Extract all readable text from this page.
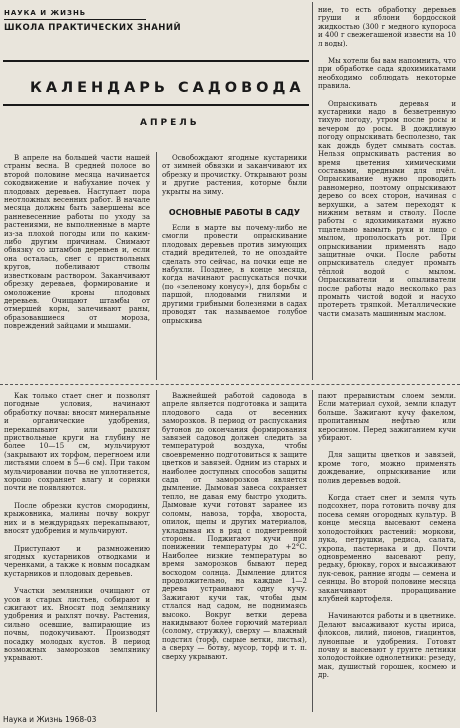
НАУКА И ЖИЗНЬ
ШКОЛА ПРАКТИЧЕСКИХ ЗНАНИЙ
КАЛЕНДАРЬ САДОВОДА
АПРЕЛЬ

В апреле на большей части нашей страны весна. В средней полосе во второй половине месяца начинается сокодвижение и набухание почек у плодовых деревьев. Наступает пора неотложных весенних работ. В начале месяца должны быть завершены все ранневесенние работы по уходу за растениями, не выполненные в марте из-за плохой погоды или по каким-либо другим причинам. Снимают обвязку со штамбов деревьев и, если она осталась, снег с приствольных кругов, побеливают стволы известковым раствором. Заканчивают обрезку деревьев, формирование и омоложение кроны плодовых деревьев. Очищают штамбы от отмершей коры, залечивают раны, образовавшиеся от мороза, повреждений зайцами и мышами.

Освобождают ягодные кустарники от зимней обвязки и заканчивают их обрезку и прочистку. Открывают розы и другие растения, которые были укрыты на зиму.

ОСНОВНЫЕ РАБОТЫ В САДУ

Если в марте вы почему-либо не смогли провести опрыскивание плодовых деревьев против зимующих стадий вредителей, то не опоздайте сделать это сейчас, на почки еще не набухли. Позднее, в конце месяца, когда начинают распускаться почки (по «зеленому конусу»), для борьбы с паршой, плодовыми гнилями и другими грибными болезнями в садах проводят так называемое голубое опрыскива

ние, то есть обработку деревьев груши и яблони бордосской жидкостью (300 г медного купороса и 400 г свежегашеной извести на 10 л воды).

Мы хотели бы вам напомнить, что при обработке сада ядохимикатами необходимо соблюдать некоторые правила.

Опрыскивать деревья и кустарники надо в безветренную тихую погоду, утром после росы и вечером до росы. В дождливую погоду опрыскивать бесполезно, так как дождь будет смывать состав. Нельзя опрыскивать растения во время цветения химическими составами, вредными для пчёл. Опрыскивание нужно проводить равномерно, поэтому опрыскивают дерево со всех сторон, начиная с верхушки, а затем переходят к нижним ветвям и стволу. После работы с ядохимикатами нужно тщательно вымыть руки и лицо с мылом, прополоскать рот. При опрыскивании применять надо защитные очки. После работы опрыскиватель следует промыть тёплой водой с мылом. Опрыскиватели и опыливатели после работы надо несколько раз промыть чистой водой и насухо протереть тряпкой. Металлические части смазать машинным маслом.

Как только стает снег и позволят погодные условия, начинают обработку почвы: вносят минеральные и органические удобрения, перекапывают или рыхлят приствольные круги на глубину не более 10—15 см, мульчируют (закрывают их торфом, перегноем или листьями слоем в 5—6 см). При таком мульчировании почва не уплотняется, хорошо сохраняет влагу и сорняки почти не появляются.

После обрезки кустов смородины, крыжовника, малины почву вокруг них и в междурядьях перекапывают, вносят удобрения и мульчируют.

Приступают и размножению ягодных кустарников отводками и черенками, а также к новым посадкам кустарников и плодовых деревьев.

Участки земляники очищают от усов и старых листьев, собирают и сжигают их. Вносят под землянику удобрения и рыхлят почву. Растения, сильно осевшие, выпирающие из почвы, подокучивают. Производят посадку молодых кустов. В период возможных заморозков землянику укрывают.

Важнейшей работой садовода в апреле является подготовка и защита плодового сада от весенних заморозков. В период от распускания бутонов до окончания формирования завязей садовод должен следить за температурой воздуха, чтобы своевременно подготовиться к защите цветков и завязей. Одним из старых и наиболее доступных способов защиты сада от заморозков является дымление. Дымовая завеса сохраняет тепло, не давая ему быстро уходить. Дымовые кучи готовят заранее из соломы, навоза, торфа, хвороста, опилок, щепы и других материалов, укладывая их в ряд с подветренной стороны. Поджигают кучи при понижении температуры до +2°С. Наиболее низкие температуры во время заморозков бывают перед восходом солнца. Дымление длится продолжительно, на каждые 1—2 дерева устраивают одну кучу. Зажигают кучи так, чтобы дым стлался над садом, не поднимаясь высоко. Вокруг ветки дерева накидывают более горючий материал (солому, стружку), сверху — влажный подстил (торф, сырые ветки, листья), а сверху — ботву, мусор, торф и т. п. сверху укрывают.

пают прерывистым слоем земли. Если материал сухой, земли кладут больше. Зажигают кучу факелом, пропитанным нефтью или керосином. Перед зажиганием кучи убирают.

Для защиты цветков и завязей, кроме того, можно применять дождевание, опрыскивание или полив деревьев водой.

Когда стает снег и земля чуть подсохнет, пора готовить почву для посева семян огородных культур. В конце месяца высевают семена холодостойких растений: моркови, лука, петрушки, редиса, салата, укропа, пастернака и др. Почти одновременно высевают репу, редьку, брюкву, горох и высаживают лук-севок, ранние ягоды — семена и сеянцы. Во второй половине месяца заканчивают проращивание клубней картофеля.

Начинаются работы и в цветнике. Делают высаживают кусты ириса, флоксов, лилий, пионов, гиацинтов, лунонпые и удобрения. Готовят почву и высевают у грунте летники холодостойкие однолетники: резеду, мак, душистый горошек, космею и др.

Наука и Жизнь 1968-03
